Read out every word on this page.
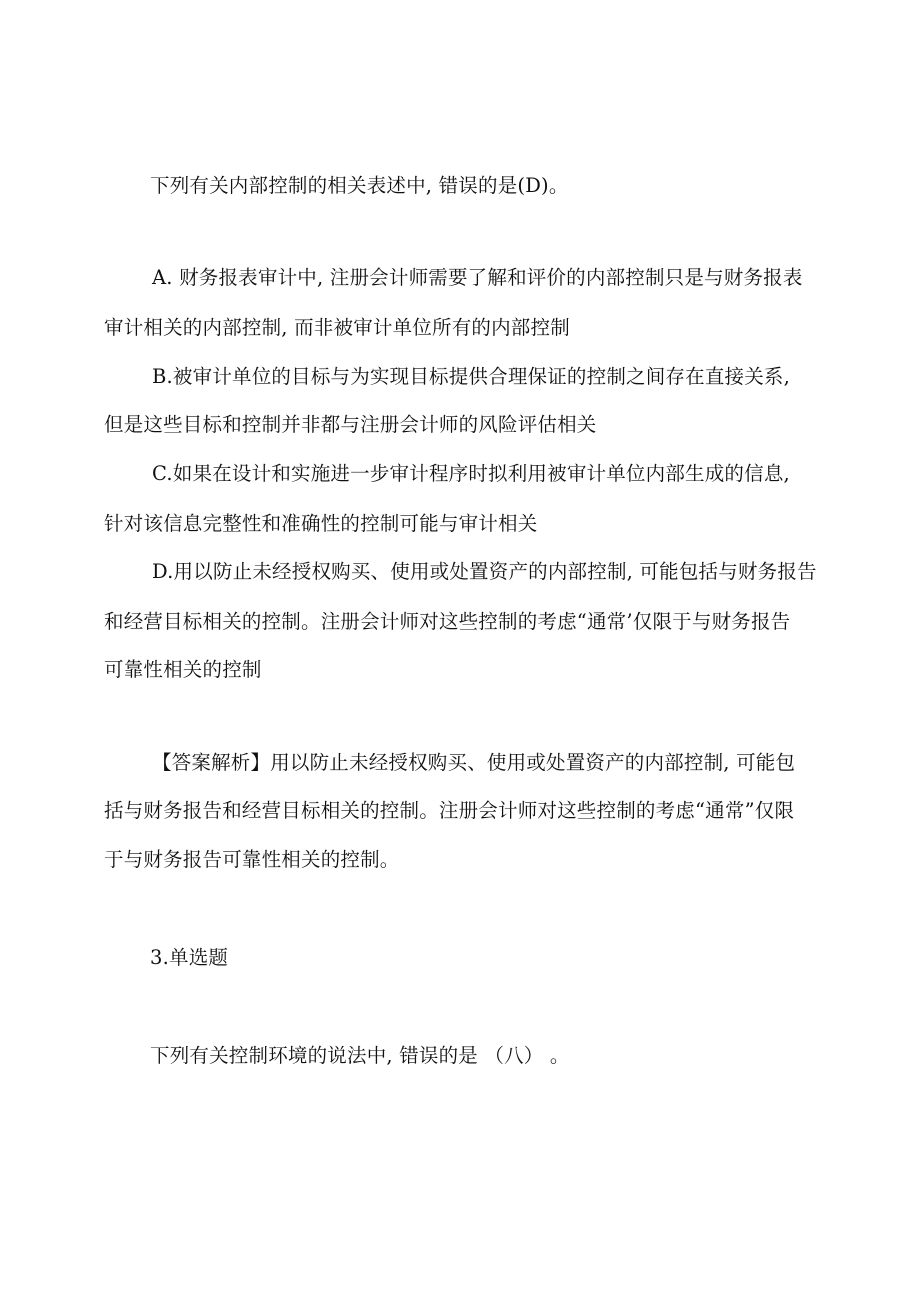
下列有关内部控制的相关表述中, 错误的是(D)。
A. 财务报表审计中, 注册会计师需要了解和评价的内部控制只是与财务报表
审计相关的内部控制, 而非被审计单位所有的内部控制
B.被审计单位的目标与为实现目标提供合理保证的控制之间存在直接关系,
但是这些目标和控制并非都与注册会计师的风险评估相关
C.如果在设计和实施进一步审计程序时拟利用被审计单位内部生成的信息,
针对该信息完整性和准确性的控制可能与审计相关
D.用以防止未经授权购买、使用或处置资产的内部控制, 可能包括与财务报告
和经营目标相关的控制。注册会计师对这些控制的考虑“通常’仅限于与财务报告
可靠性相关的控制
【答案解析】用以防止未经授权购买、使用或处置资产的内部控制, 可能包
括与财务报告和经营目标相关的控制。注册会计师对这些控制的考虑“通常”仅限
于与财务报告可靠性相关的控制。
3.单选题
下列有关控制环境的说法中, 错误的是 （八） 。
